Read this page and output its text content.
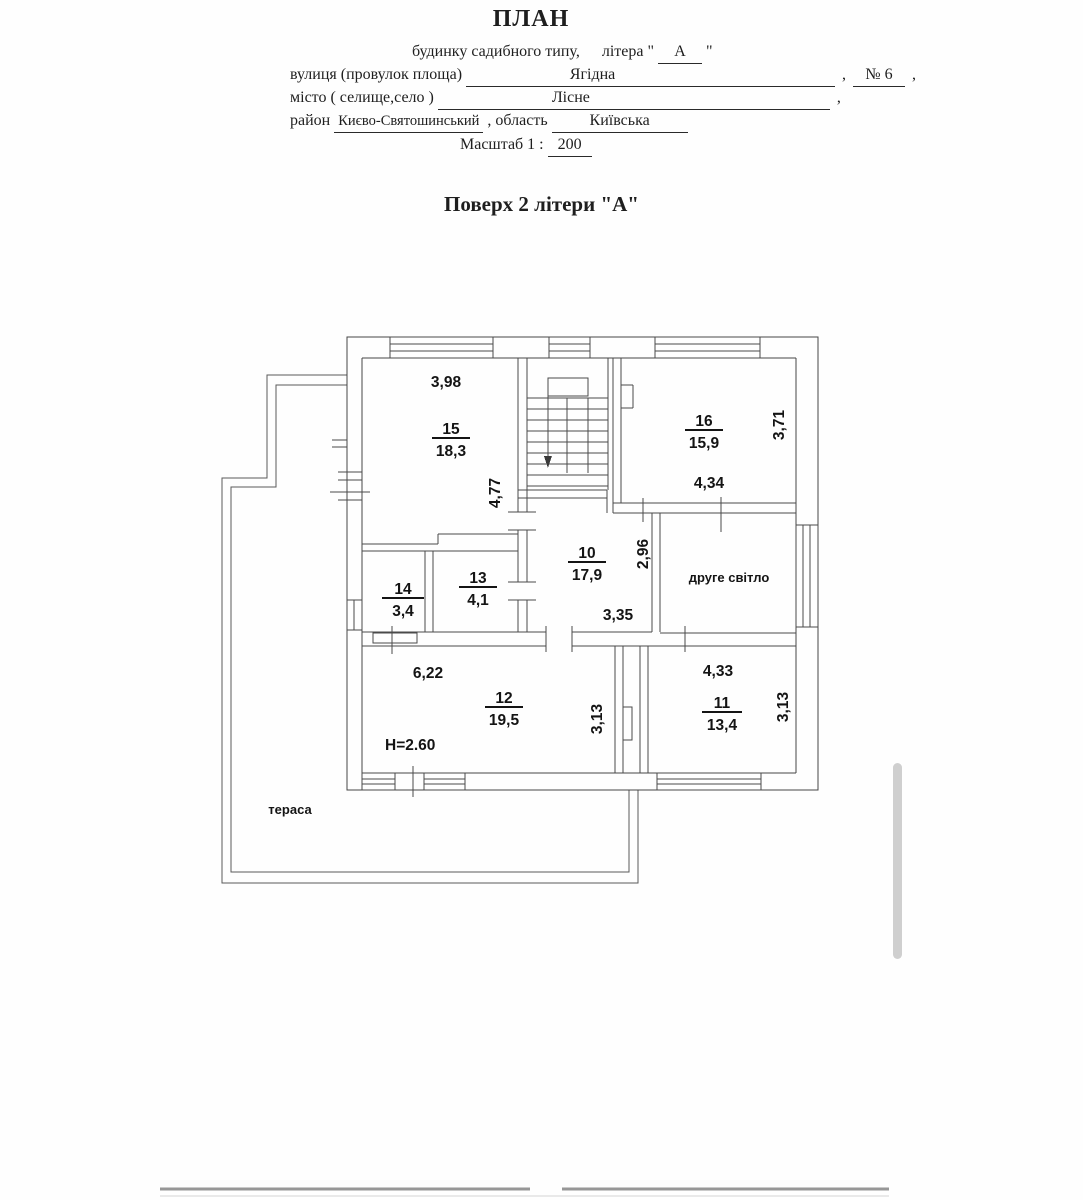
ПЛАН
будинку садибного типу, літера " А "
вулиця (провулок площа)	Ягідна	, № 6 ,
місто ( селище,село )	Лісне	,
район Києво-Святошинський , область	Київська
Масштаб 1 : 200
Поверх 2 літери "А"
15
18,3
16
15,9
10
17,9
14
3,4
13
4,1
12
19,5
11
13,4
3,98
4,77
3,71
4,34
2,96
3,35
6,22
3,13
4,33
3,13
Н=2.60
друге світло
тераса
